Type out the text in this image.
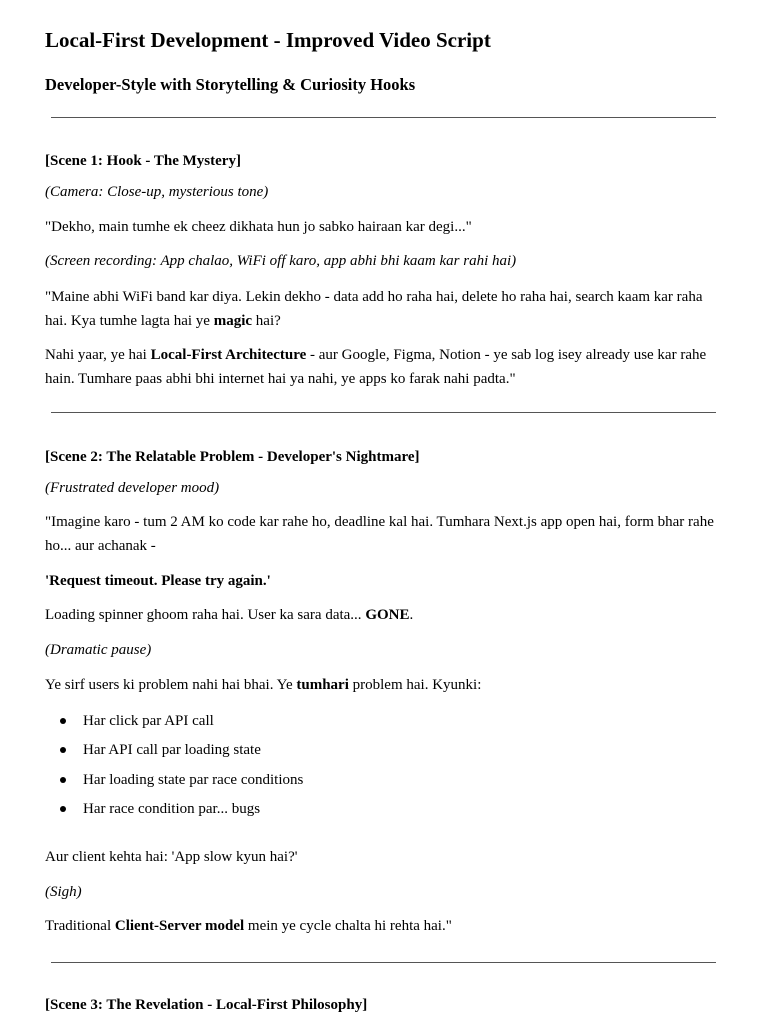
Local-First Development - Improved Video Script
Developer-Style with Storytelling & Curiosity Hooks

[Scene 1: Hook - The Mystery]

(Camera: Close-up, mysterious tone)

"Dekho, main tumhe ek cheez dikhata hun jo sabko hairaan kar degi..."

(Screen recording: App chalao, WiFi off karo, app abhi bhi kaam kar rahi hai)

"Maine abhi WiFi band kar diya. Lekin dekho - data add ho raha hai, delete ho raha hai, search kaam kar raha

hai. Kya tumhe lagta hai ye magic hai?

Nahi yaar, ye hai Local-First Architecture - aur Google, Figma, Notion - ye sab log isey already use kar rahe

hain. Tumhare paas abhi bhi internet hai ya nahi, ye apps ko farak nahi padta."

[Scene 2: The Relatable Problem - Developer's Nightmare]

(Frustrated developer mood)

"Imagine karo - tum 2 AM ko code kar rahe ho, deadline kal hai. Tumhara Next.js app open hai, form bhar rahe

ho... aur achanak -

'Request timeout. Please try again.'

Loading spinner ghoom raha hai. User ka sara data... GONE.

(Dramatic pause)

Ye sirf users ki problem nahi hai bhai. Ye tumhari problem hai. Kyunki:

Har click par API call

Har API call par loading state

Har loading state par race conditions

Har race condition par... bugs

Aur client kehta hai: 'App slow kyun hai?'

(Sigh)

Traditional Client-Server model mein ye cycle chalta hi rehta hai."

[Scene 3: The Revelation - Local-First Philosophy]
